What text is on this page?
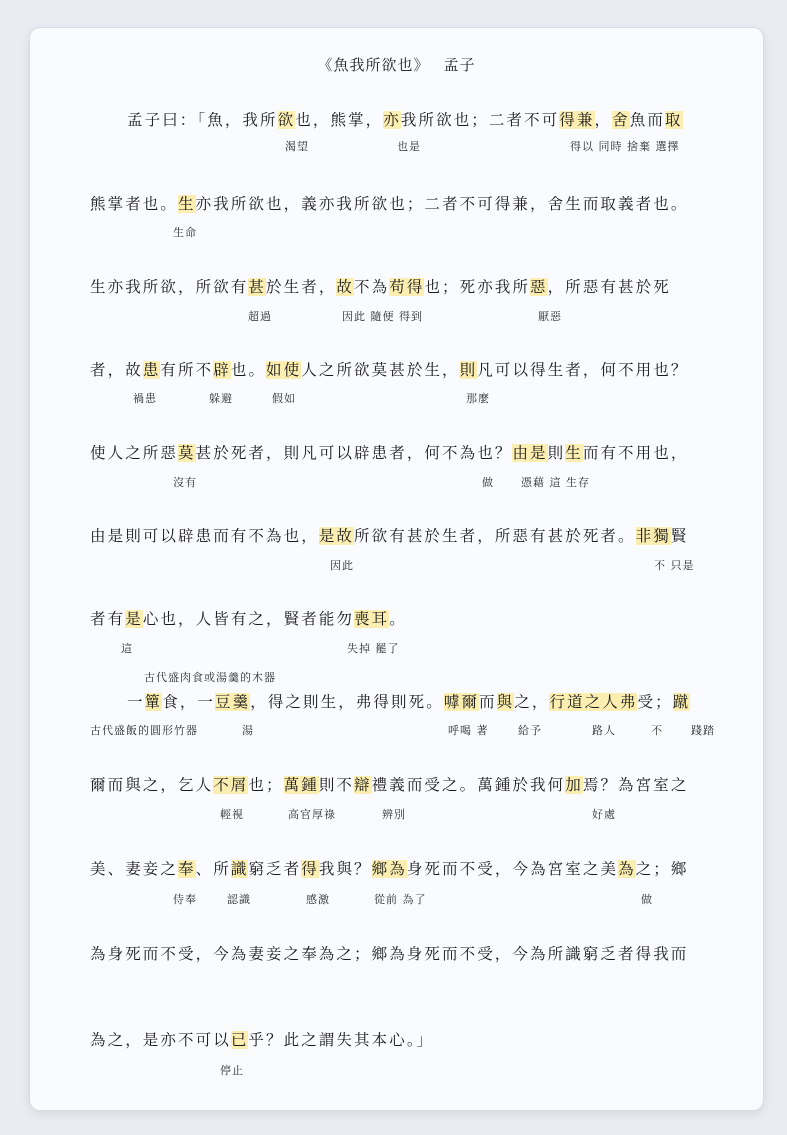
《魚我所欲也》 孟子
孟子曰：「魚，我所欲也，熊掌，亦我所欲也；二者不可得兼，舍魚而取
熊掌者也。生亦我所欲也，義亦我所欲也；二者不可得兼，舍生而取義者也。
生亦我所欲，所欲有甚於生者，故不為苟得也；死亦我所惡，所惡有甚於死
者，故患有所不辟也。如使人之所欲莫甚於生，則凡可以得生者，何不用也？
使人之所惡莫甚於死者，則凡可以辟患者，何不為也？由是則生而有不用也，
由是則可以辟患而有不為也，是故所欲有甚於生者，所惡有甚於死者。非獨賢
者有是心也，人皆有之，賢者能勿喪耳。
一簞食，一豆羹，得之則生，弗得則死。嘑爾而與之，行道之人弗受；蹴
爾而與之，乞人不屑也；萬鍾則不辯禮義而受之。萬鍾於我何加焉？為宮室之
美、妻妾之奉、所識窮乏者得我與？鄉為身死而不受，今為宮室之美為之；鄉
為身死而不受，今為妻妾之奉為之；鄉為身死而不受，今為所識窮乏者得我而
為之，是亦不可以已乎？此之謂失其本心。」
渴望	也是	得以 同時 捨棄 選擇
生命
超過	因此 隨便 得到	厭惡
禍患	躲避	假如	那麼
沒有	做 憑藉 這 生存
因此	不 只是
這	失掉 罷了
古代盛肉食或湯羹的木器
古代盛飯的圓形竹器	湯	呼喝 著	給予	路人	不	踐踏
輕視	高官厚祿	辨別	好處
侍奉	認識	感激	從前 為了	做
停止
